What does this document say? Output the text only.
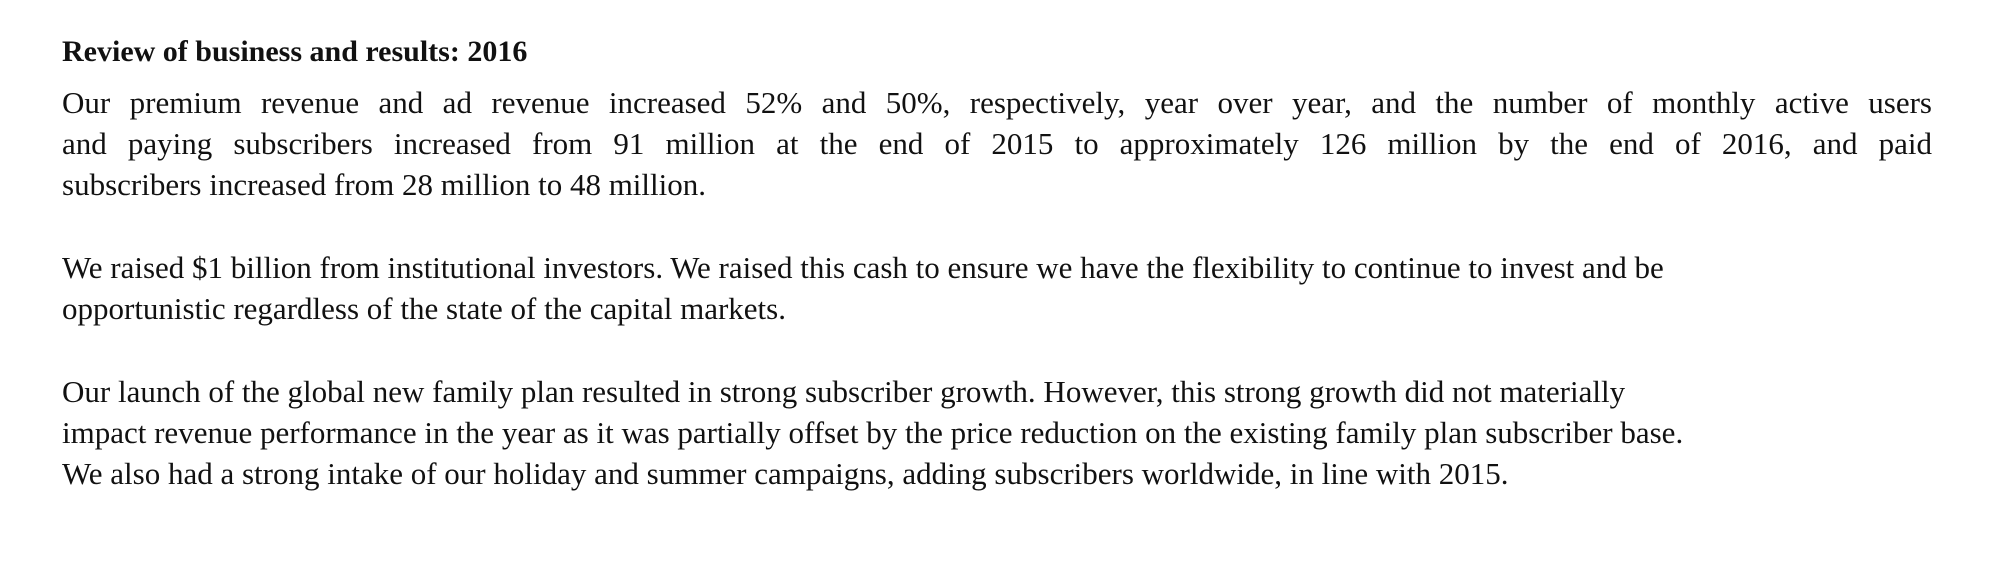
Review of business and results: 2016
Our premium revenue and ad revenue increased 52% and 50%, respectively, year over year, and the number of monthly active users
and paying subscribers increased from 91 million at the end of 2015 to approximately 126 million by the end of 2016, and paid
subscribers increased from 28 million to 48 million.
We raised $1 billion from institutional investors. We raised this cash to ensure we have the flexibility to continue to invest and be
opportunistic regardless of the state of the capital markets.
Our launch of the global new family plan resulted in strong subscriber growth. However, this strong growth did not materially
impact revenue performance in the year as it was partially offset by the price reduction on the existing family plan subscriber base.
We also had a strong intake of our holiday and summer campaigns, adding subscribers worldwide, in line with 2015.
